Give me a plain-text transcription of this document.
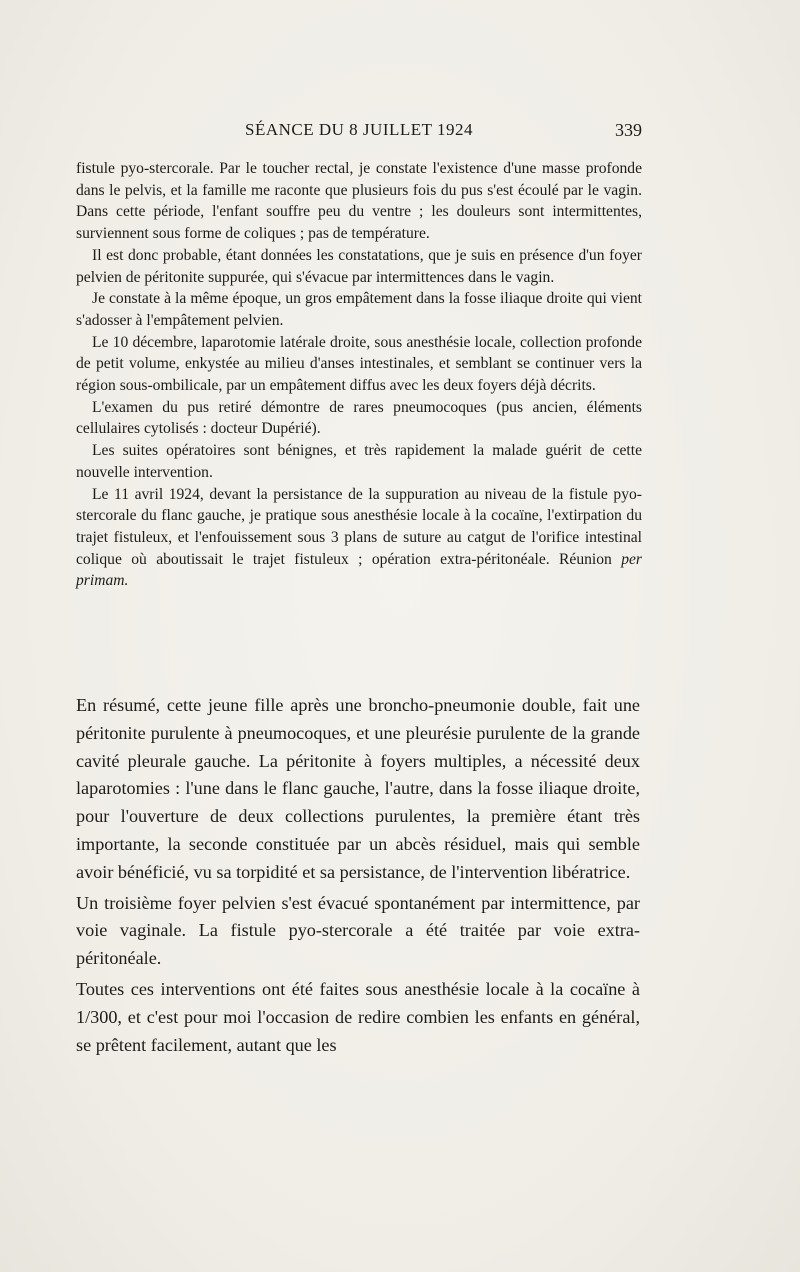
SÉANCE DU 8 JUILLET 1924	339

fistule pyo-stercorale. Par le toucher rectal, je constate l'existence d'une masse profonde dans le pelvis, et la famille me raconte que plusieurs fois du pus s'est écoulé par le vagin. Dans cette période, l'enfant souffre peu du ventre ; les douleurs sont intermittentes, surviennent sous forme de coliques ; pas de température.

Il est donc probable, étant données les constatations, que je suis en présence d'un foyer pelvien de péritonite suppurée, qui s'évacue par intermittences dans le vagin.

Je constate à la même époque, un gros empâtement dans la fosse iliaque droite qui vient s'adosser à l'empâtement pelvien.

Le 10 décembre, laparotomie latérale droite, sous anesthésie locale, collection profonde de petit volume, enkystée au milieu d'anses intestinales, et semblant se continuer vers la région sous-ombilicale, par un empâtement diffus avec les deux foyers déjà décrits.

L'examen du pus retiré démontre de rares pneumocoques (pus ancien, éléments cellulaires cytolisés : docteur Dupérié).

Les suites opératoires sont bénignes, et très rapidement la malade guérit de cette nouvelle intervention.

Le 11 avril 1924, devant la persistance de la suppuration au niveau de la fistule pyo-stercorale du flanc gauche, je pratique sous anesthésie locale à la cocaïne, l'extirpation du trajet fistuleux, et l'enfouissement sous 3 plans de suture au catgut de l'orifice intestinal colique où aboutissait le trajet fistuleux ; opération extra-péritonéale. Réunion per primam.

En résumé, cette jeune fille après une broncho-pneumonie double, fait une péritonite purulente à pneumocoques, et une pleurésie purulente de la grande cavité pleurale gauche. La péritonite à foyers multiples, a nécessité deux laparotomies : l'une dans le flanc gauche, l'autre, dans la fosse iliaque droite, pour l'ouverture de deux collections purulentes, la première étant très importante, la seconde constituée par un abcès résiduel, mais qui semble avoir bénéficié, vu sa torpidité et sa persistance, de l'intervention libératrice.

Un troisième foyer pelvien s'est évacué spontanément par intermittence, par voie vaginale. La fistule pyo-stercorale a été traitée par voie extra-péritonéale.

Toutes ces interventions ont été faites sous anesthésie locale à la cocaïne à 1/300, et c'est pour moi l'occasion de redire combien les enfants en général, se prêtent facilement, autant que les
